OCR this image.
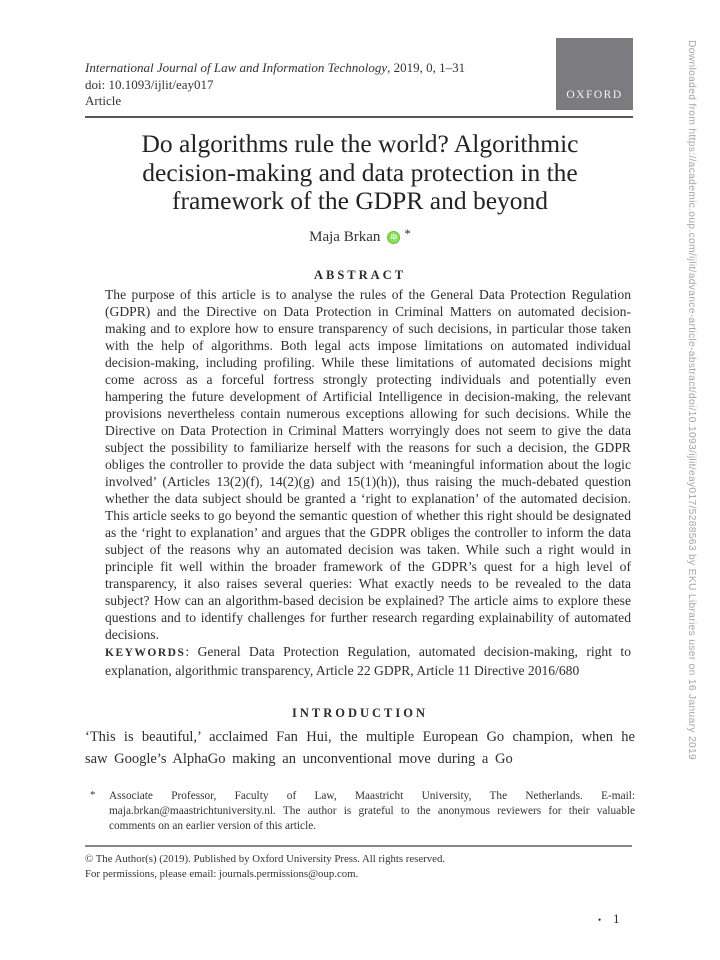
International Journal of Law and Information Technology, 2019, 0, 1–31
doi: 10.1093/ijlit/eay017
Article	OXFORD
Do algorithms rule the world? Algorithmic decision-making and data protection in the framework of the GDPR and beyond
Maja Brkan	iD *
ABSTRACT
The purpose of this article is to analyse the rules of the General Data Protection Regulation (GDPR) and the Directive on Data Protection in Criminal Matters on automated decision-making and to explore how to ensure transparency of such decisions, in particular those taken with the help of algorithms. Both legal acts impose limitations on automated individual decision-making, including profiling. While these limitations of automated decisions might come across as a forceful fortress strongly protecting individuals and potentially even hampering the future development of Artificial Intelligence in decision-making, the relevant provisions nevertheless contain numerous exceptions allowing for such decisions. While the Directive on Data Protection in Criminal Matters worryingly does not seem to give the data subject the possibility to familiarize herself with the reasons for such a decision, the GDPR obliges the controller to provide the data subject with ‘meaningful information about the logic involved’ (Articles 13(2)(f), 14(2)(g) and 15(1)(h)), thus raising the much-debated question whether the data subject should be granted a ‘right to explanation’ of the automated decision. This article seeks to go beyond the semantic question of whether this right should be designated as the ‘right to explanation’ and argues that the GDPR obliges the controller to inform the data subject of the reasons why an automated decision was taken. While such a right would in principle fit well within the broader framework of the GDPR’s quest for a high level of transparency, it also raises several queries: What exactly needs to be revealed to the data subject? How can an algorithm-based decision be explained? The article aims to explore these questions and to identify challenges for further research regarding explainability of automated decisions.
KEYWORDS: General Data Protection Regulation, automated decision-making, right to explanation, algorithmic transparency, Article 22 GDPR, Article 11 Directive 2016/680
INTRODUCTION

‘This is beautiful,’ acclaimed Fan Hui, the multiple European Go champion, when he saw Google’s AlphaGo making an unconventional move during a Go

*	Associate Professor, Faculty of Law, Maastricht University, The Netherlands. E-mail: maja.brkan@maastrichtuniversity.nl. The author is grateful to the anonymous reviewers for their valuable comments on an earlier version of this article.
© The Author(s) (2019). Published by Oxford University Press. All rights reserved.
For permissions, please email: journals.permissions@oup.com.
• 1
Downloaded from https://academic.oup.com/ijlit/advance-article-abstract/doi/10.1093/ijlit/eay017/5288563 by EKU Libraries user on 16 January 2019
